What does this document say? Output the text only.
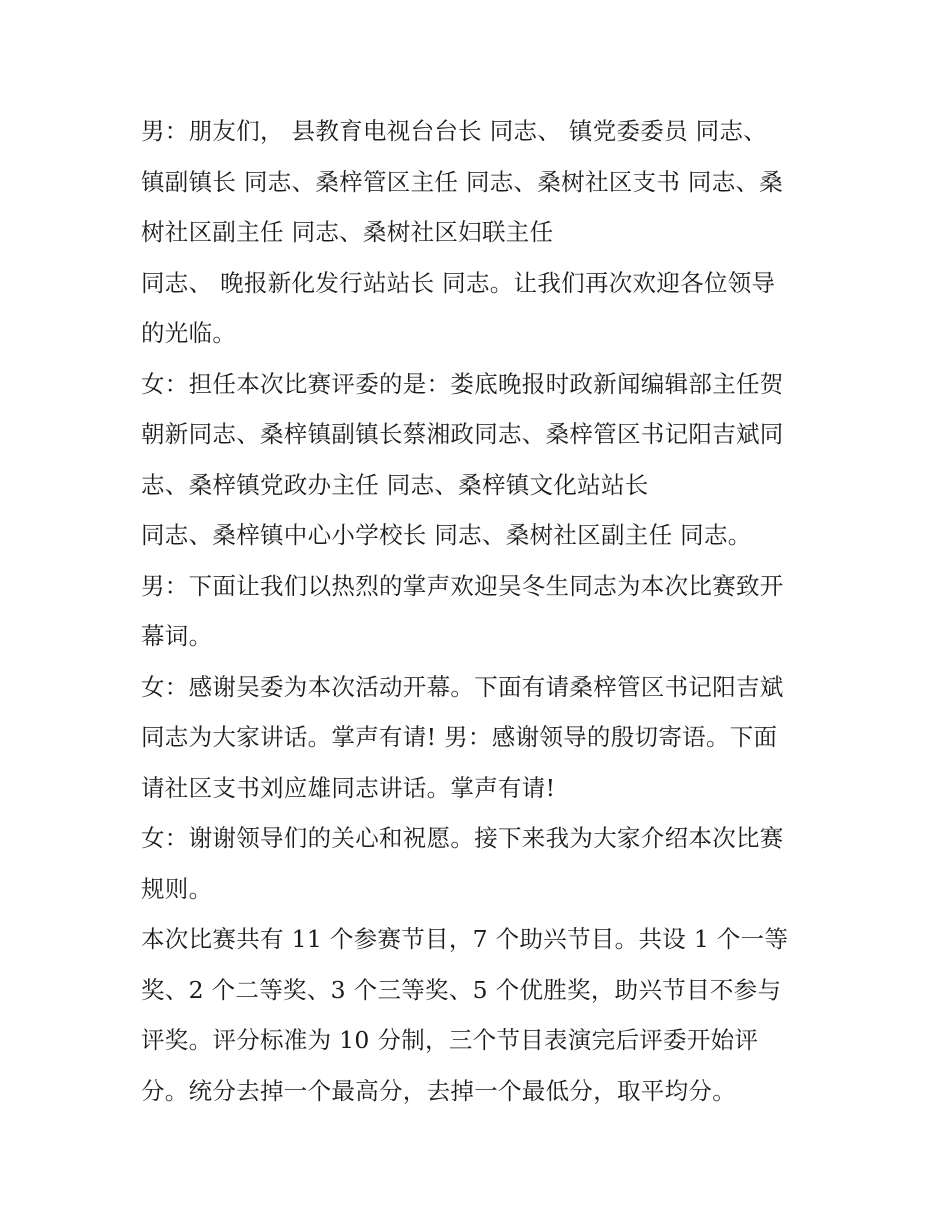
男：朋友们， 县教育电视台台长 同志、 镇党委委员 同志、
镇副镇长 同志、桑梓管区主任 同志、桑树社区支书 同志、桑
树社区副主任 同志、桑树社区妇联主任
同志、 晚报新化发行站站长 同志。让我们再次欢迎各位领导
的光临。
女：担任本次比赛评委的是：娄底晚报时政新闻编辑部主任贺
朝新同志、桑梓镇副镇长蔡湘政同志、桑梓管区书记阳吉斌同
志、桑梓镇党政办主任 同志、桑梓镇文化站站长
同志、桑梓镇中心小学校长 同志、桑树社区副主任 同志。
男：下面让我们以热烈的掌声欢迎吴冬生同志为本次比赛致开
幕词。
女：感谢吴委为本次活动开幕。下面有请桑梓管区书记阳吉斌
同志为大家讲话。掌声有请! 男：感谢领导的殷切寄语。下面
请社区支书刘应雄同志讲话。掌声有请!
女：谢谢领导们的关心和祝愿。接下来我为大家介绍本次比赛
规则。
本次比赛共有 11 个参赛节目，7 个助兴节目。共设 1 个一等
奖、2 个二等奖、3 个三等奖、5 个优胜奖，助兴节目不参与
评奖。评分标准为 10 分制，三个节目表演完后评委开始评
分。统分去掉一个最高分，去掉一个最低分，取平均分。
